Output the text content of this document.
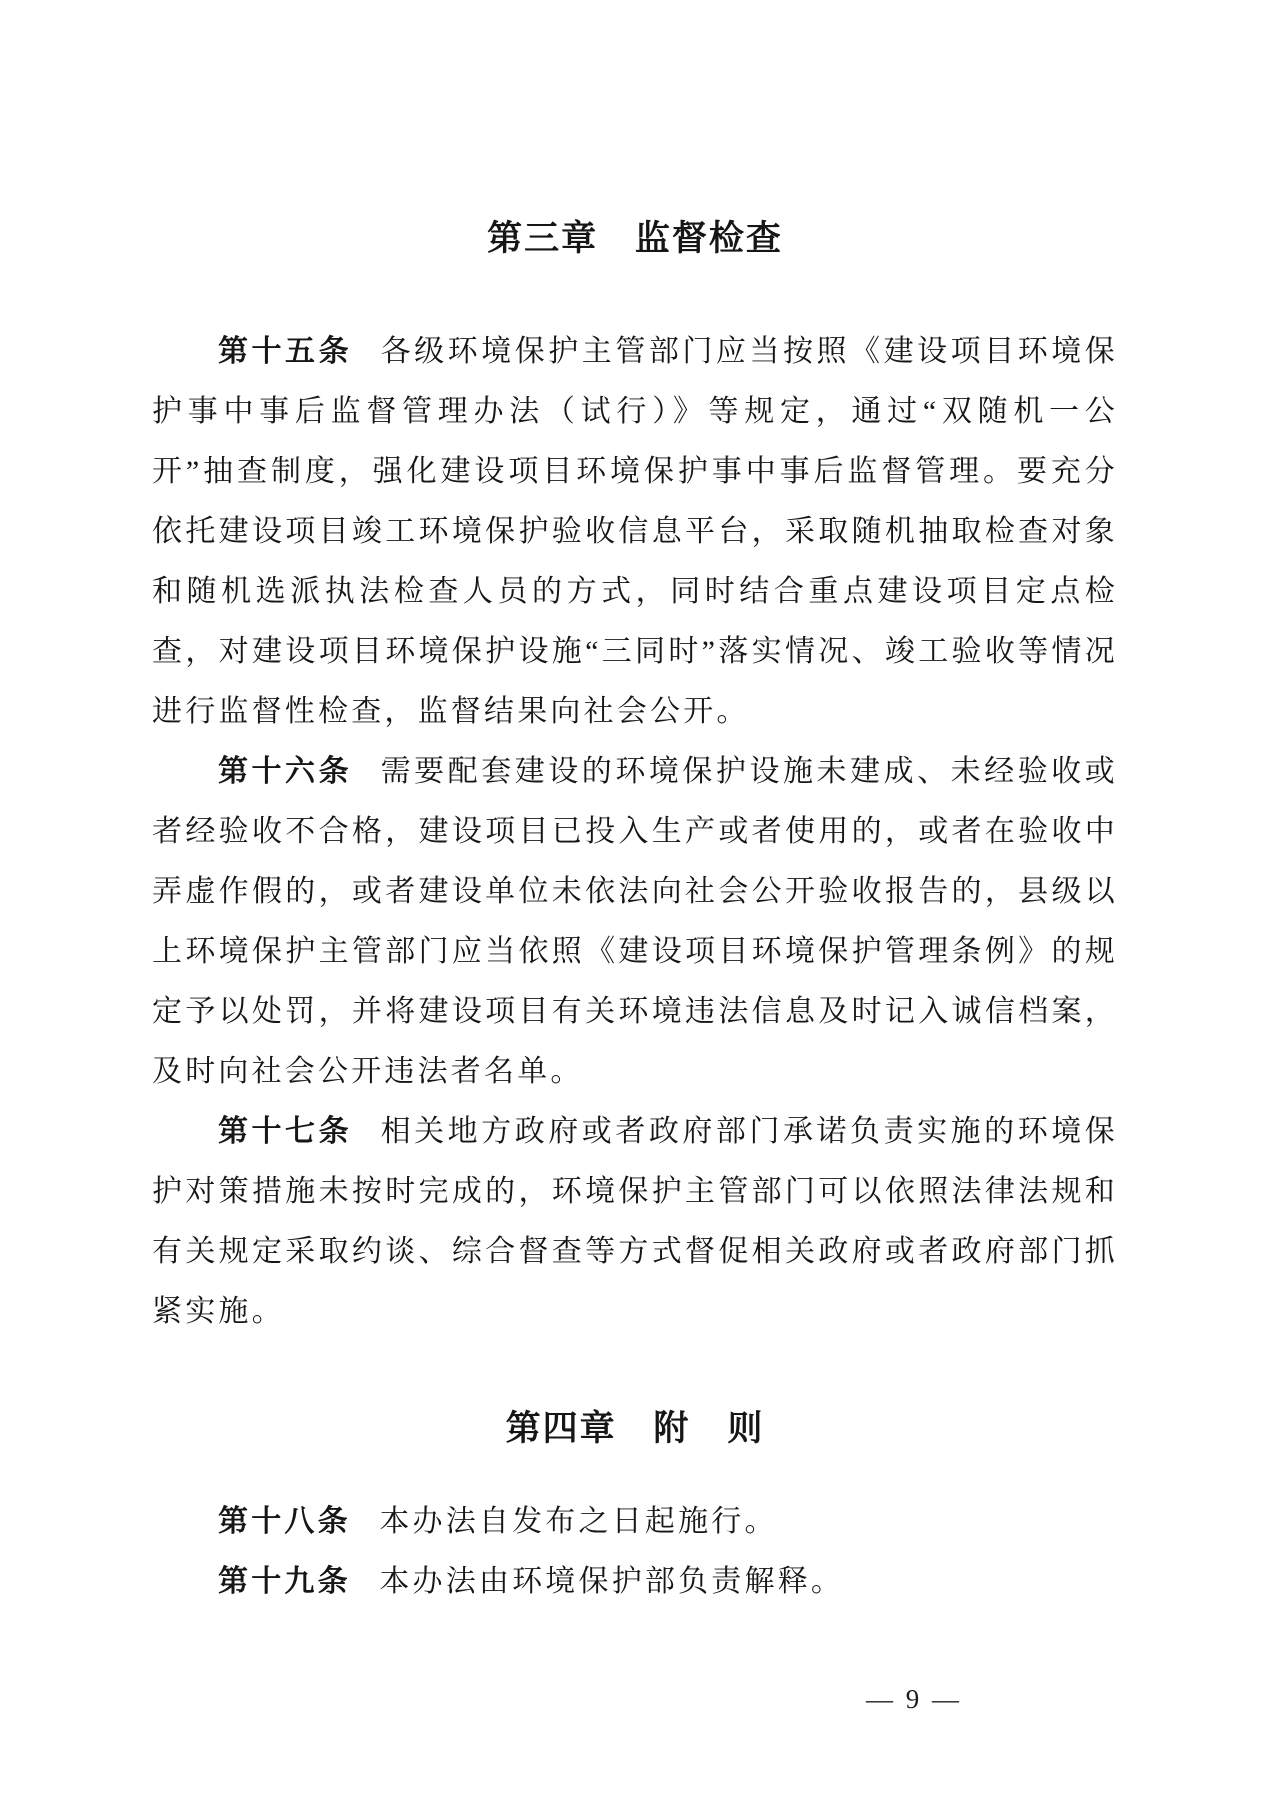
第三章 监督检查

第十五条 各级环境保护主管部门应当按照《建设项目环境保护事中事后监督管理办法（试行）》等规定，通过“双随机一公开”抽查制度，强化建设项目环境保护事中事后监督管理。要充分依托建设项目竣工环境保护验收信息平台，采取随机抽取检查对象和随机选派执法检查人员的方式，同时结合重点建设项目定点检查，对建设项目环境保护设施“三同时”落实情况、竣工验收等情况进行监督性检查，监督结果向社会公开。

第十六条 需要配套建设的环境保护设施未建成、未经验收或者经验收不合格，建设项目已投入生产或者使用的，或者在验收中弄虚作假的，或者建设单位未依法向社会公开验收报告的，县级以上环境保护主管部门应当依照《建设项目环境保护管理条例》的规定予以处罚，并将建设项目有关环境违法信息及时记入诚信档案，及时向社会公开违法者名单。

第十七条 相关地方政府或者政府部门承诺负责实施的环境保护对策措施未按时完成的，环境保护主管部门可以依照法律法规和有关规定采取约谈、综合督查等方式督促相关政府或者政府部门抓紧实施。

第四章 附　则

第十八条 本办法自发布之日起施行。

第十九条 本办法由环境保护部负责解释。

— 9 —
